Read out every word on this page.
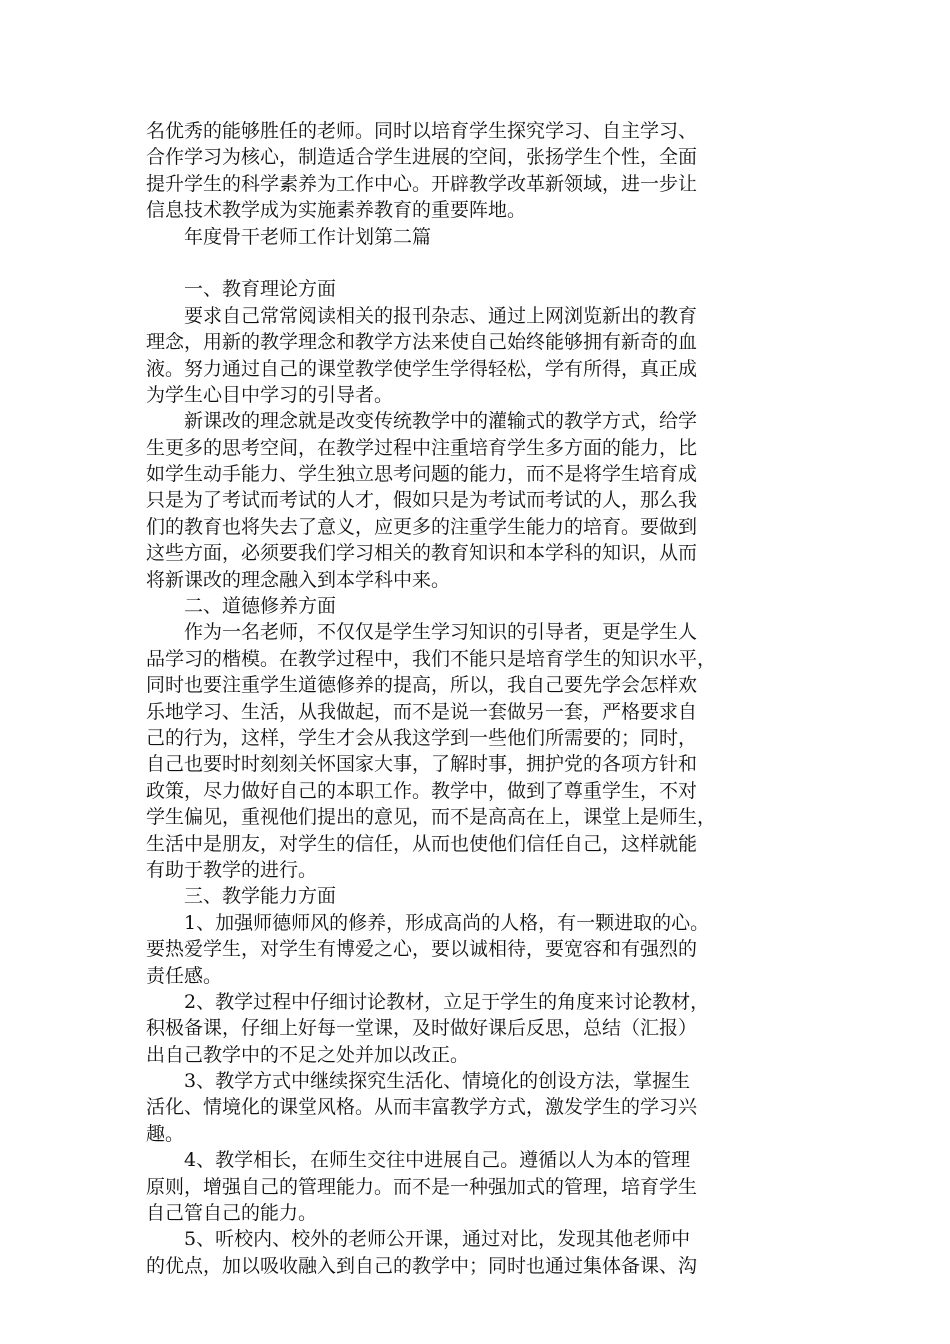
名优秀的能够胜任的老师。同时以培育学生探究学习、自主学习、
合作学习为核心，制造适合学生进展的空间，张扬学生个性，全面
提升学生的科学素养为工作中心。开辟教学改革新领域，进一步让
信息技术教学成为实施素养教育的重要阵地。
　　年度骨干老师工作计划第二篇
　　一、教育理论方面
　　要求自己常常阅读相关的报刊杂志、通过上网浏览新出的教育
理念，用新的教学理念和教学方法来使自己始终能够拥有新奇的血
液。努力通过自己的课堂教学使学生学得轻松，学有所得，真正成
为学生心目中学习的引导者。
　　新课改的理念就是改变传统教学中的灌输式的教学方式，给学
生更多的思考空间，在教学过程中注重培育学生多方面的能力，比
如学生动手能力、学生独立思考问题的能力，而不是将学生培育成
只是为了考试而考试的人才，假如只是为考试而考试的人，那么我
们的教育也将失去了意义，应更多的注重学生能力的培育。要做到
这些方面，必须要我们学习相关的教育知识和本学科的知识，从而
将新课改的理念融入到本学科中来。
　　二、道德修养方面
　　作为一名老师，不仅仅是学生学习知识的引导者，更是学生人
品学习的楷模。在教学过程中，我们不能只是培育学生的知识水平，
同时也要注重学生道德修养的提高，所以，我自己要先学会怎样欢
乐地学习、生活，从我做起，而不是说一套做另一套，严格要求自
己的行为，这样，学生才会从我这学到一些他们所需要的；同时，
自己也要时时刻刻关怀国家大事，了解时事，拥护党的各项方针和
政策，尽力做好自己的本职工作。教学中，做到了尊重学生，不对
学生偏见，重视他们提出的意见，而不是高高在上，课堂上是师生，
生活中是朋友，对学生的信任，从而也使他们信任自己，这样就能
有助于教学的进行。
　　三、教学能力方面
　　1、加强师德师风的修养，形成高尚的人格，有一颗进取的心。
要热爱学生，对学生有博爱之心，要以诚相待，要宽容和有强烈的
责任感。
　　2、教学过程中仔细讨论教材，立足于学生的角度来讨论教材，
积极备课，仔细上好每一堂课，及时做好课后反思，总结（汇报）
出自己教学中的不足之处并加以改正。
　　3、教学方式中继续探究生活化、情境化的创设方法，掌握生
活化、情境化的课堂风格。从而丰富教学方式，激发学生的学习兴
趣。
　　4、教学相长，在师生交往中进展自己。遵循以人为本的管理
原则，增强自己的管理能力。而不是一种强加式的管理，培育学生
自己管自己的能力。
　　5、听校内、校外的老师公开课，通过对比，发现其他老师中
的优点，加以吸收融入到自己的教学中；同时也通过集体备课、沟
